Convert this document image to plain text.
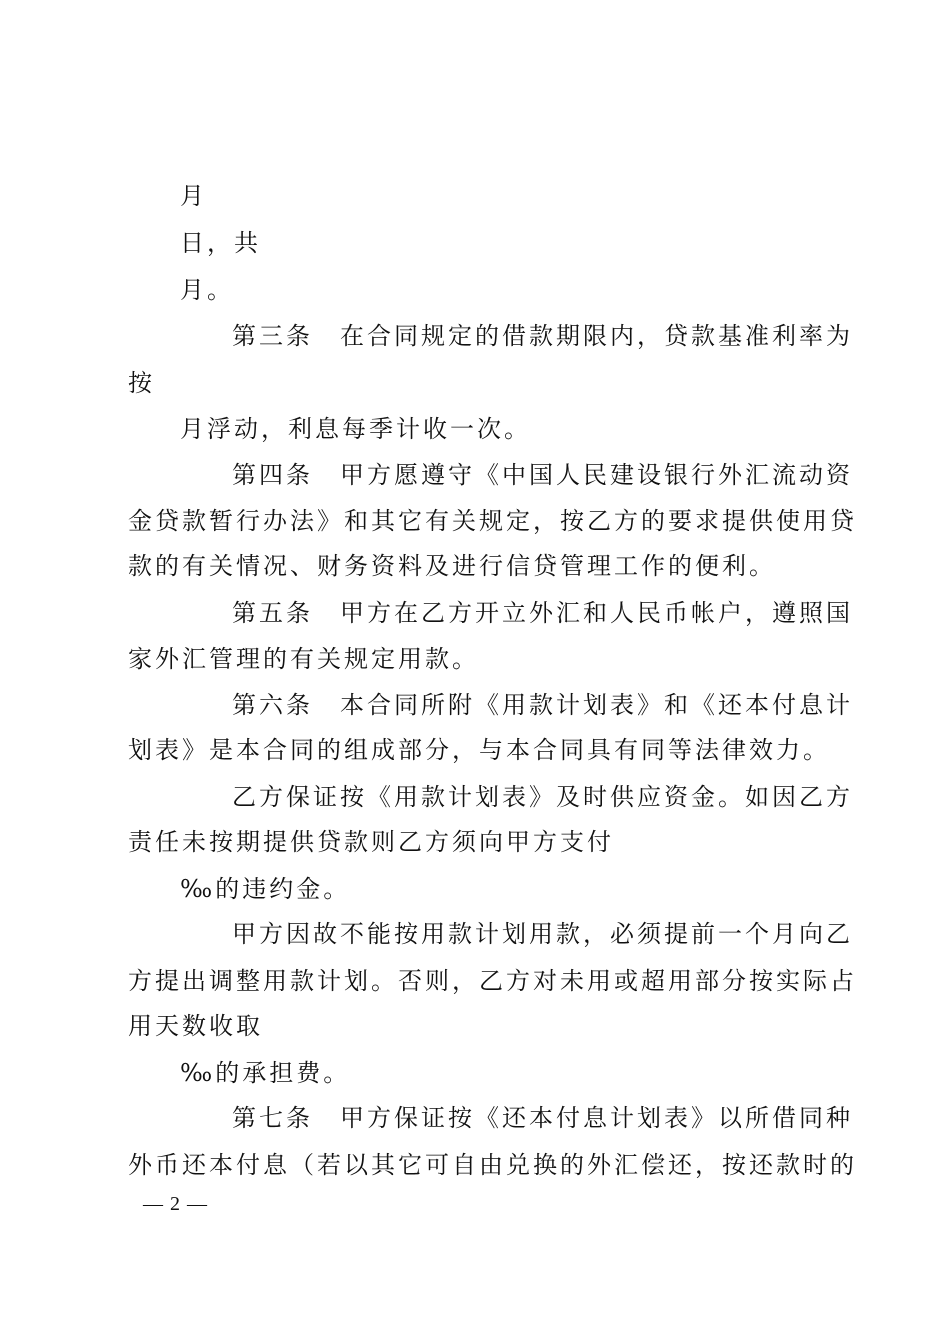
月
日，共
月。
第三条　在合同规定的借款期限内，贷款基准利率为
按
月浮动，利息每季计收一次。
第四条　甲方愿遵守《中国人民建设银行外汇流动资
金贷款暂行办法》和其它有关规定，按乙方的要求提供使用贷
款的有关情况、财务资料及进行信贷管理工作的便利。
第五条　甲方在乙方开立外汇和人民币帐户，遵照国
家外汇管理的有关规定用款。
第六条　本合同所附《用款计划表》和《还本付息计
划表》是本合同的组成部分，与本合同具有同等法律效力。
乙方保证按《用款计划表》及时供应资金。如因乙方
责任未按期提供贷款则乙方须向甲方支付
‰的违约金。
甲方因故不能按用款计划用款，必须提前一个月向乙
方提出调整用款计划。否则，乙方对未用或超用部分按实际占
用天数收取
‰的承担费。
第七条　甲方保证按《还本付息计划表》以所借同种
外币还本付息（若以其它可自由兑换的外汇偿还，按还款时的
— 2 —
